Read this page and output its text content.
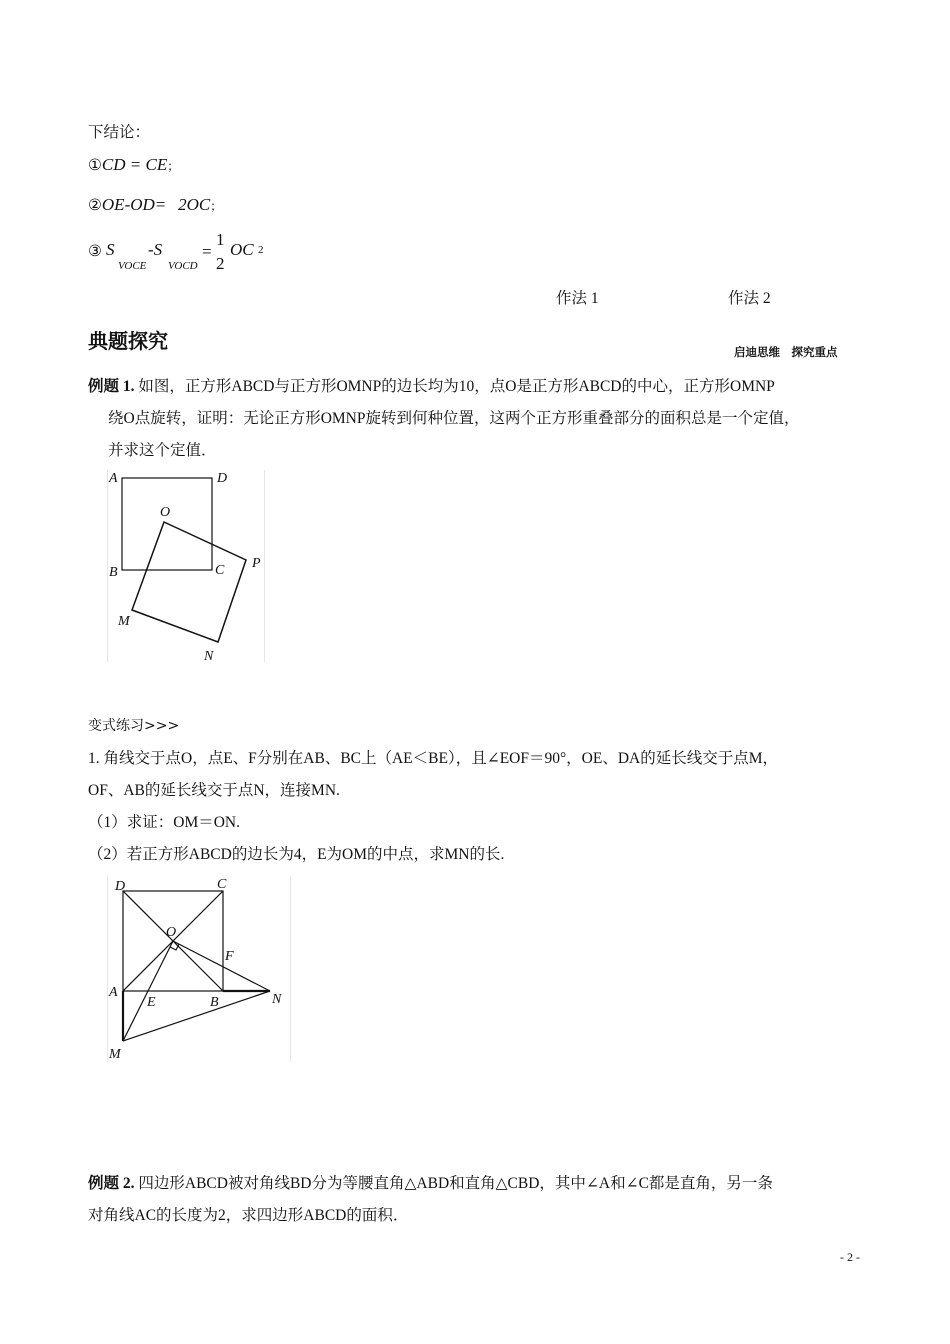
下结论：
①CD = CE；
②OE-OD= 2OC；
③ S
VOCE
-S
VOCD
=
1
2
OC 2
作法 1	作法 2
典题探究	启迪思维　探究重点
例题 1. 如图，正方形ABCD与正方形OMNP的边长均为10，点O是正方形ABCD的中心，正方形OMNP
绕O点旋转，证明：无论正方形OMNP旋转到何种位置，这两个正方形重叠部分的面积总是一个定值，
并求这个定值．
A	D
O
B	C P
M
N
变式练习>>>
1. 角线交于点O，点E、F分别在AB、BC上（AE＜BE），且∠EOF＝90°，OE、DA的延长线交于点M，
OF、AB的延长线交于点N，连接MN.
（1）求证：OM＝ON.
（2）若正方形ABCD的边长为4，E为OM的中点，求MN的长.
D	C
O
F
A
E	B	N
M
例题 2. 四边形ABCD被对角线BD分为等腰直角△ABD和直角△CBD，其中∠A和∠C都是直角，另一条
对角线AC的长度为2，求四边形ABCD的面积．
- 2 -
